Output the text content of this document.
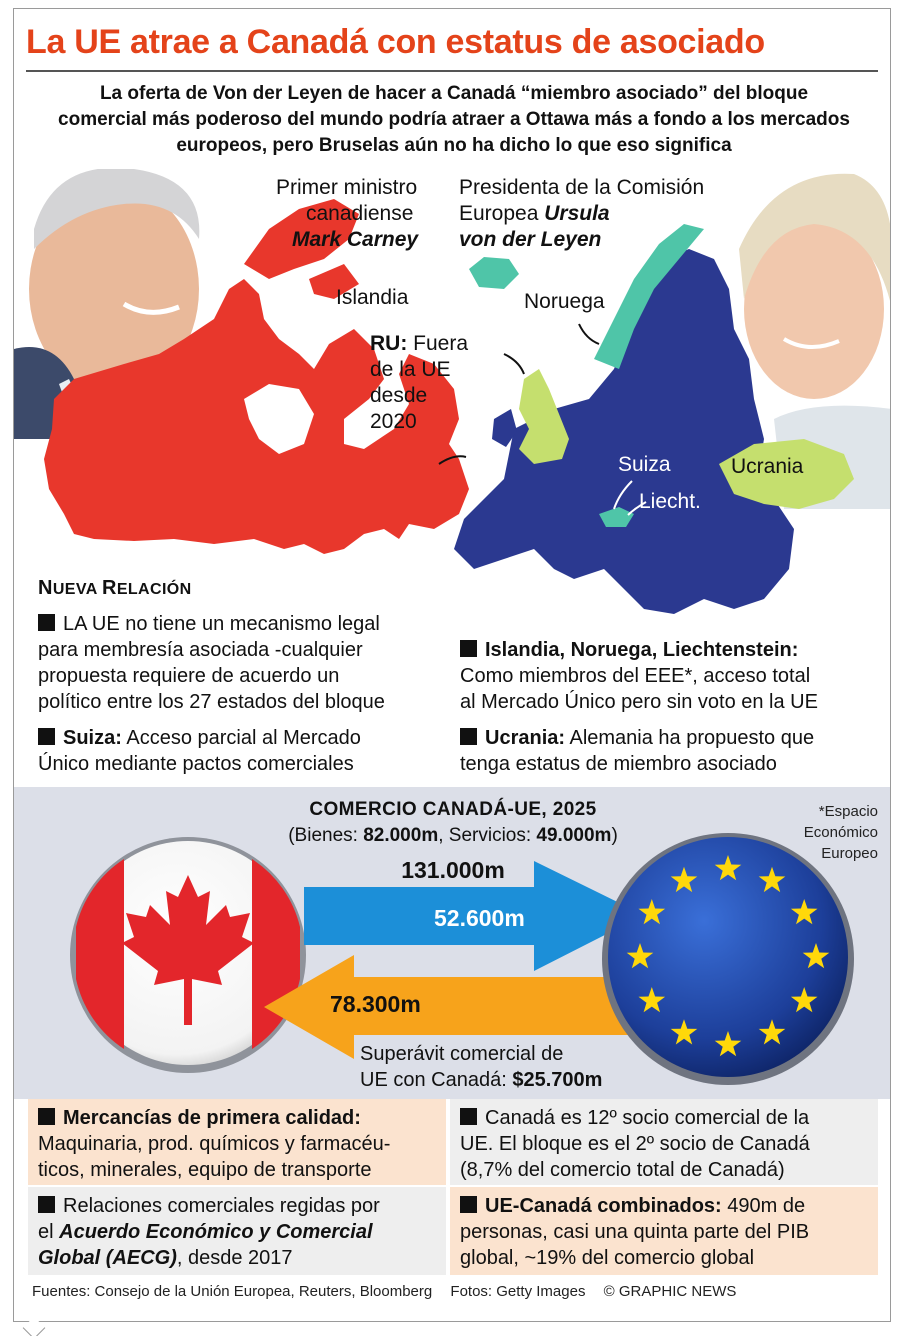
La UE atrae a Canadá con estatus de asociado
La oferta de Von der Leyen de hacer a Canadá “miembro asociado” del bloque comercial más poderoso del mundo podría atraer a Ottawa más a fondo a los mercados europeos, pero Bruselas aún no ha dicho lo que eso significa
Primer ministro
canadiense
Mark Carney
Presidenta de la Comisión
Europea Ursula
von der Leyen
Islandia	Noruega
RU: Fuera
de la UE
desde
2020
Suiza
Liecht.
Ucrania
NUEVA RELACIÓN
LA UE no tiene un mecanismo legal
para membresía asociada -cualquier
propuesta requiere de acuerdo un
político entre los 27 estados del bloque
Suiza: Acceso parcial al Mercado
Único mediante pactos comerciales
Islandia, Noruega, Liechtenstein:
Como miembros del EEE*, acceso total
al Mercado Único pero sin voto en la UE
Ucrania: Alemania ha propuesto que
tenga estatus de miembro asociado
COMERCIO CANADÁ-UE, 2025
(Bienes: 82.000m, Servicios: 49.000m)
*Espacio
Económico
Europeo
131.000m
52.600m
78.300m
Superávit comercial de
UE con Canadá: $25.700m
Mercancías de primera calidad:
Maquinaria, prod. químicos y farmacéu-
ticos, minerales, equipo de transporte
Canadá es 12º socio comercial de la
UE. El bloque es el 2º socio de Canadá
(8,7% del comercio total de Canadá)
Relaciones comerciales regidas por
el Acuerdo Económico y Comercial
Global (AECG), desde 2017
UE-Canadá combinados: 490m de
personas, casi una quinta parte del PIB
global, ~19% del comercio global
Fuentes: Consejo de la Unión Europea, Reuters, Bloomberg Fotos: Getty Images © GRAPHIC NEWS
